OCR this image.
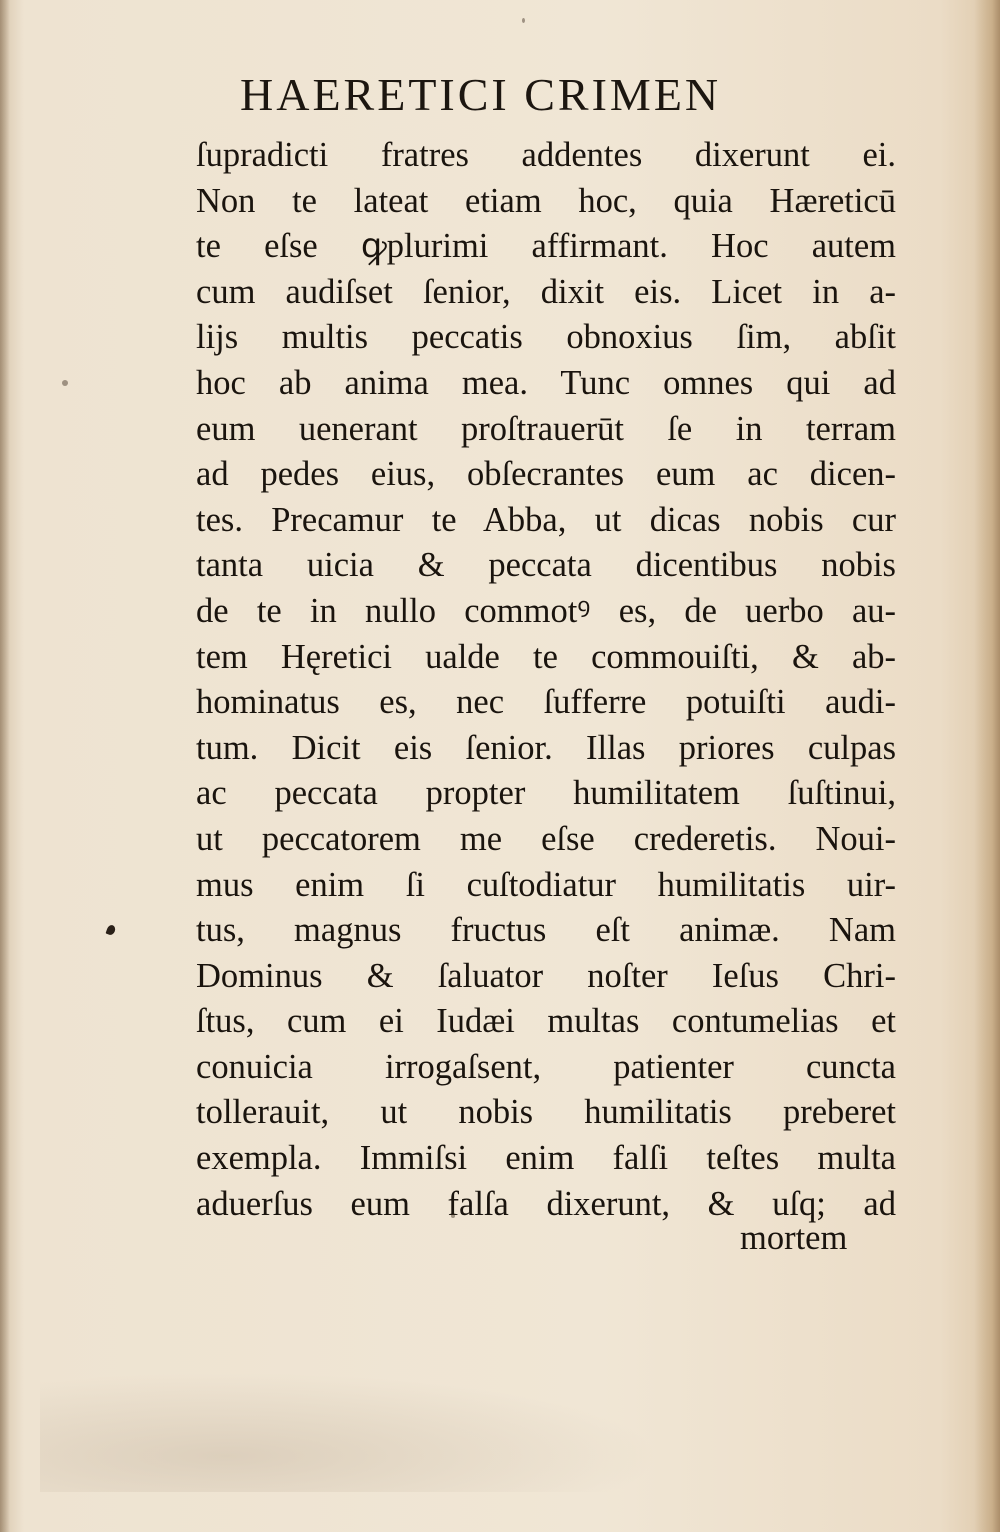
HAERETICI CRIMEN
ſupradicti fratres addentes dixerunt ei.
Non te lateat etiam hoc, quia Hæreticū
te eſse ꝙplurimi affirmant. Hoc autem
cum audiſset ſenior, dixit eis. Licet in a-
lijs multis peccatis obnoxius ſim, abſit
hoc ab anima mea. Tunc omnes qui ad
eum uenerant proſtrauerūt ſe in terram
ad pedes eius, obſecrantes eum ac dicen-
tes. Precamur te Abba, ut dicas nobis cur
tanta uicia & peccata dicentibus nobis
de te in nullo commotꝰ es, de uerbo au-
tem Hęretici ualde te commouiſti, & ab-
hominatus es, nec ſufferre potuiſti audi-
tum. Dicit eis ſenior. Illas priores culpas
ac peccata propter humilitatem ſuſtinui,
ut peccatorem me eſse crederetis. Noui-
mus enim ſi cuſtodiatur humilitatis uir-
tus, magnus fructus eſt animæ. Nam
Dominus & ſaluator noſter Ieſus Chri-
ſtus, cum ei Iudæi multas contumelias et
conuicia irrogaſsent, patienter cuncta
tollerauit, ut nobis humilitatis preberet
exempla. Immiſsi enim falſi teſtes multa
aduerſus eum falſa dixerunt, & uſq; ad
mortem
